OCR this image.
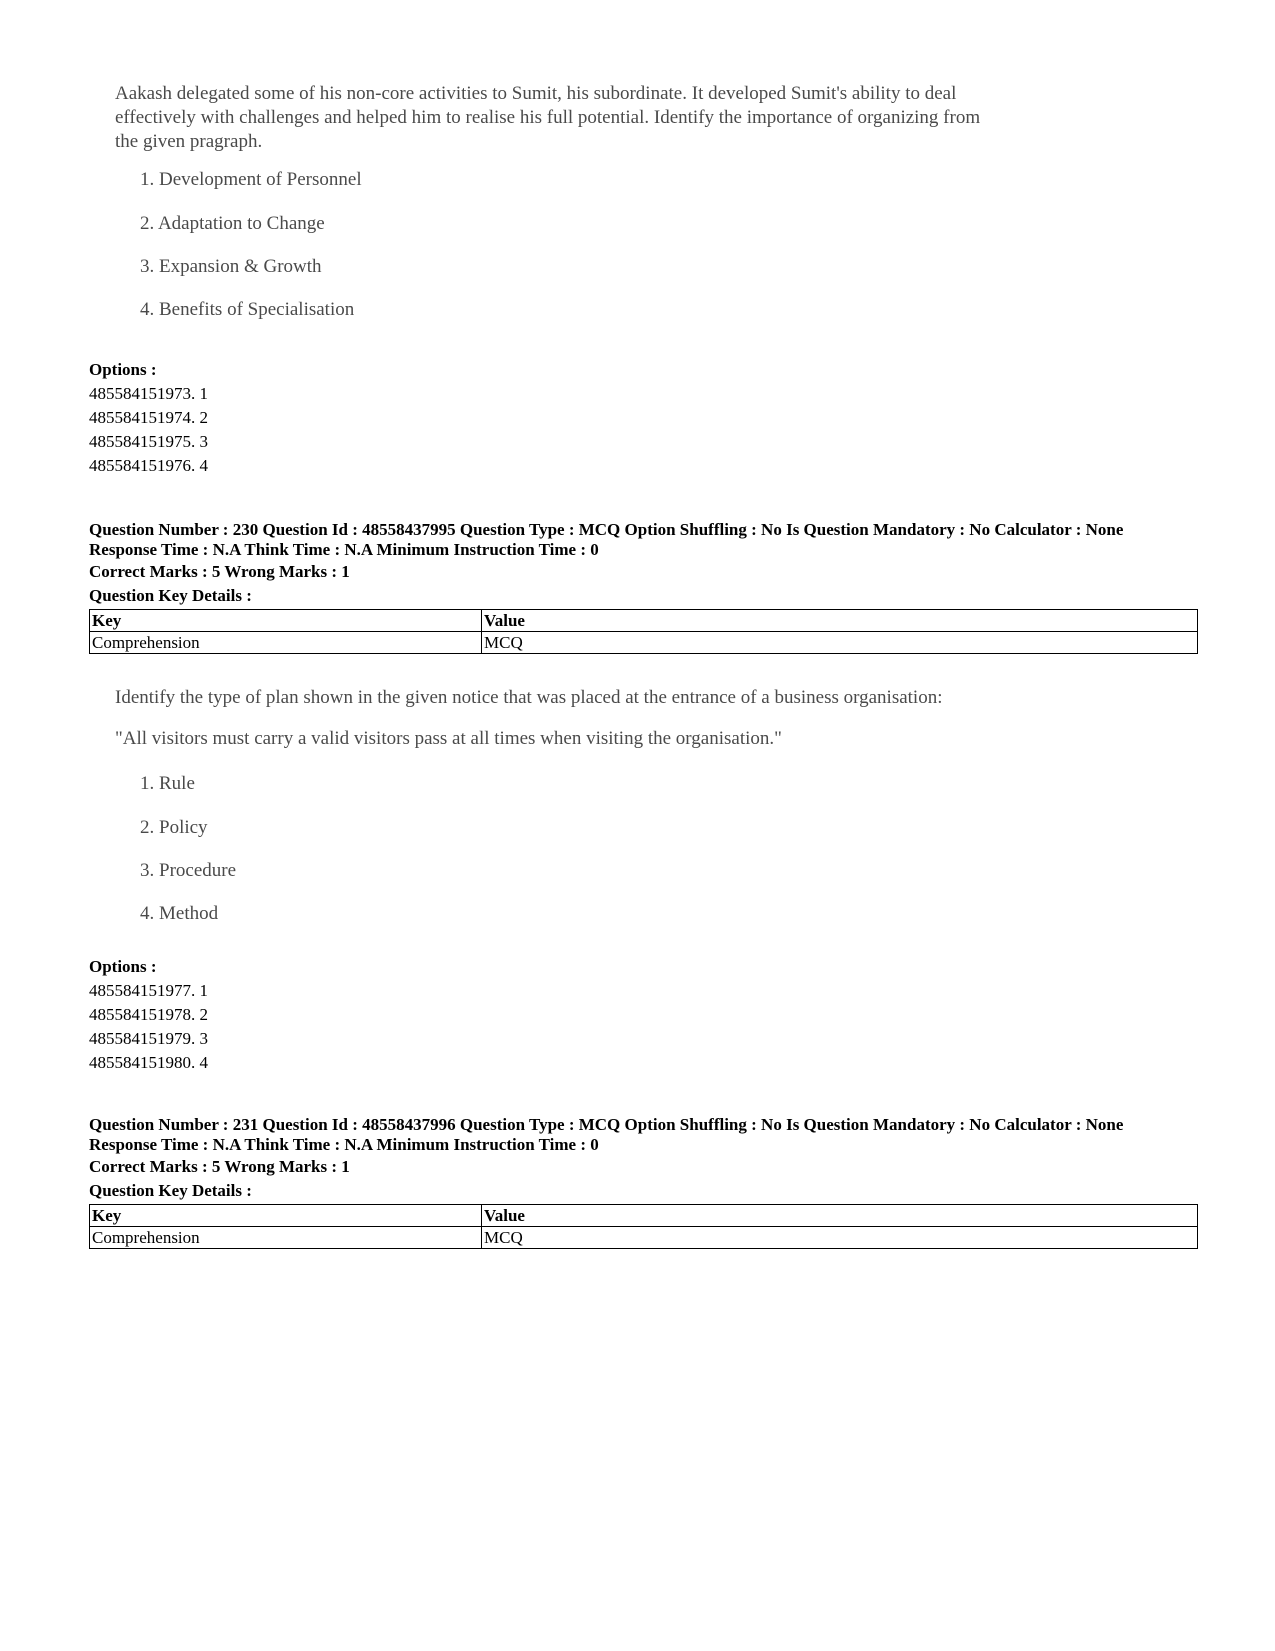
Aakash delegated some of his non-core activities to Sumit, his subordinate. It developed Sumit's ability to deal effectively with challenges and helped him to realise his full potential. Identify the importance of organizing from the given pragraph.

1. Development of Personnel

2. Adaptation to Change

3. Expansion & Growth

4. Benefits of Specialisation

Options :
485584151973. 1
485584151974. 2
485584151975. 3
485584151976. 4
Question Number : 230 Question Id : 48558437995 Question Type : MCQ Option Shuffling : No Is Question Mandatory : No Calculator : None
Response Time : N.A Think Time : N.A Minimum Instruction Time : 0
Correct Marks : 5 Wrong Marks : 1
Question Key Details :
Key	Value
Comprehension	MCQ

Identify the type of plan shown in the given notice that was placed at the entrance of a business organisation:

"All visitors must carry a valid visitors pass at all times when visiting the organisation."

1. Rule

2. Policy

3. Procedure

4. Method

Options :
485584151977. 1
485584151978. 2
485584151979. 3
485584151980. 4
Question Number : 231 Question Id : 48558437996 Question Type : MCQ Option Shuffling : No Is Question Mandatory : No Calculator : None
Response Time : N.A Think Time : N.A Minimum Instruction Time : 0
Correct Marks : 5 Wrong Marks : 1
Question Key Details :
Key	Value
Comprehension	MCQ
